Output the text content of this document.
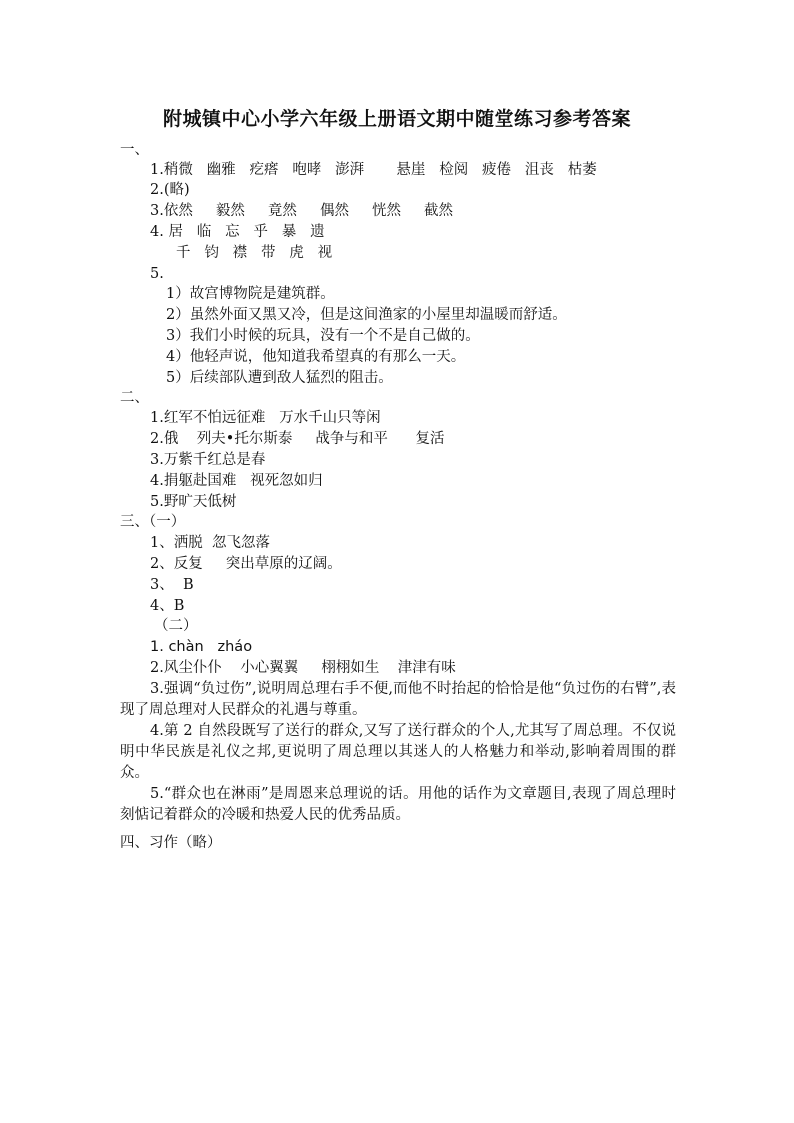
附城镇中心小学六年级上册语文期中随堂练习参考答案
一、
1.稍微   幽雅   疙瘩   咆哮   澎湃       悬崖   检阅   疲倦   沮丧   枯萎
2.(略)
3.依然     毅然     竟然     偶然     恍然     截然
4. 居   临   忘   乎   暴   遗
千   钧   襟   带   虎   视
5.
1）故宫博物院是建筑群。
2）虽然外面又黑又冷，但是这间渔家的小屋里却温暖而舒适。
3）我们小时候的玩具，没有一个不是自己做的。
4）他轻声说，他知道我希望真的有那么一天。
5）后续部队遭到敌人猛烈的阻击。
二、
1.红军不怕远征难   万水千山只等闲
2.俄    列夫•托尔斯泰     战争与和平      复活
3.万紫千红总是春
4.捐躯赴国难   视死忽如归
5.野旷天低树
三、（一）
1、洒脱  忽飞忽落
2、反复     突出草原的辽阔。
3、  B
4、B
（二）
1. chàn   zháo
2.风尘仆仆    小心翼翼     栩栩如生    津津有味
3.强调“负过伤”,说明周总理右手不便,而他不时抬起的恰恰是他“负过伤的右臂”,表现了周总理对人民群众的礼遇与尊重。
4.第 2 自然段既写了送行的群众,又写了送行群众的个人,尤其写了周总理。不仅说明中华民族是礼仪之邦,更说明了周总理以其迷人的人格魅力和举动,影响着周围的群众。
5.“群众也在淋雨”是周恩来总理说的话。用他的话作为文章题目,表现了周总理时刻惦记着群众的冷暖和热爱人民的优秀品质。
四、习作（略）
